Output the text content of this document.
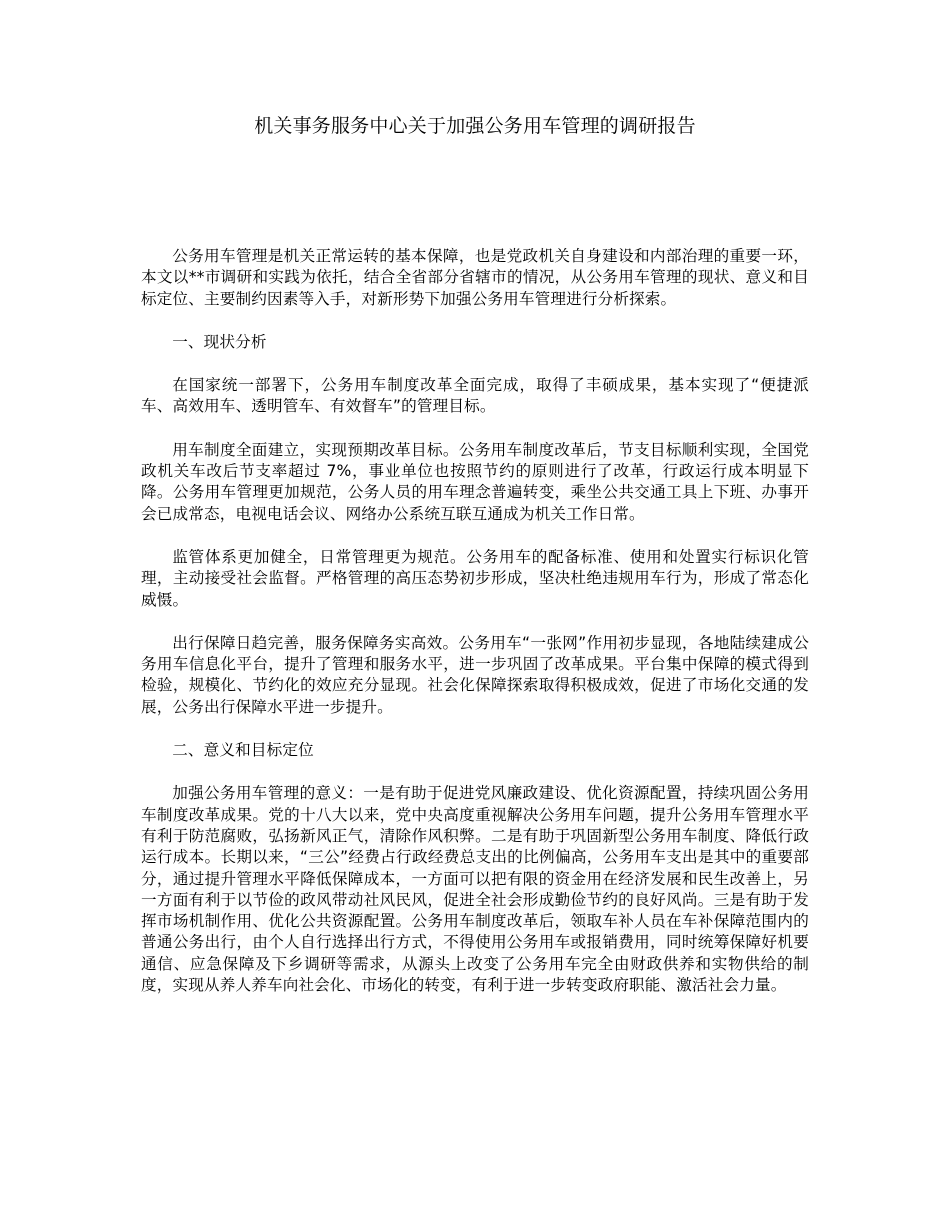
机关事务服务中心关于加强公务用车管理的调研报告

公务用车管理是机关正常运转的基本保障，也是党政机关自身建设和内部治理的重要一环，本文以**市调研和实践为依托，结合全省部分省辖市的情况，从公务用车管理的现状、意义和目标定位、主要制约因素等入手，对新形势下加强公务用车管理进行分析探索。

一、现状分析

在国家统一部署下，公务用车制度改革全面完成，取得了丰硕成果，基本实现了“便捷派车、高效用车、透明管车、有效督车”的管理目标。

用车制度全面建立，实现预期改革目标。公务用车制度改革后，节支目标顺利实现，全国党政机关车改后节支率超过 7%，事业单位也按照节约的原则进行了改革，行政运行成本明显下降。公务用车管理更加规范，公务人员的用车理念普遍转变，乘坐公共交通工具上下班、办事开会已成常态，电视电话会议、网络办公系统互联互通成为机关工作日常。

监管体系更加健全，日常管理更为规范。公务用车的配备标准、使用和处置实行标识化管理，主动接受社会监督。严格管理的高压态势初步形成，坚决杜绝违规用车行为，形成了常态化威慑。

出行保障日趋完善，服务保障务实高效。公务用车“一张网”作用初步显现，各地陆续建成公务用车信息化平台，提升了管理和服务水平，进一步巩固了改革成果。平台集中保障的模式得到检验，规模化、节约化的效应充分显现。社会化保障探索取得积极成效，促进了市场化交通的发展，公务出行保障水平进一步提升。

二、意义和目标定位

加强公务用车管理的意义：一是有助于促进党风廉政建设、优化资源配置，持续巩固公务用车制度改革成果。党的十八大以来，党中央高度重视解决公务用车问题，提升公务用车管理水平有利于防范腐败，弘扬新风正气，清除作风积弊。二是有助于巩固新型公务用车制度、降低行政运行成本。长期以来，“三公”经费占行政经费总支出的比例偏高，公务用车支出是其中的重要部分，通过提升管理水平降低保障成本，一方面可以把有限的资金用在经济发展和民生改善上，另一方面有利于以节俭的政风带动社风民风，促进全社会形成勤俭节约的良好风尚。三是有助于发挥市场机制作用、优化公共资源配置。公务用车制度改革后，领取车补人员在车补保障范围内的普通公务出行，由个人自行选择出行方式，不得使用公务用车或报销费用，同时统筹保障好机要通信、应急保障及下乡调研等需求，从源头上改变了公务用车完全由财政供养和实物供给的制度，实现从养人养车向社会化、市场化的转变，有利于进一步转变政府职能、激活社会力量。
